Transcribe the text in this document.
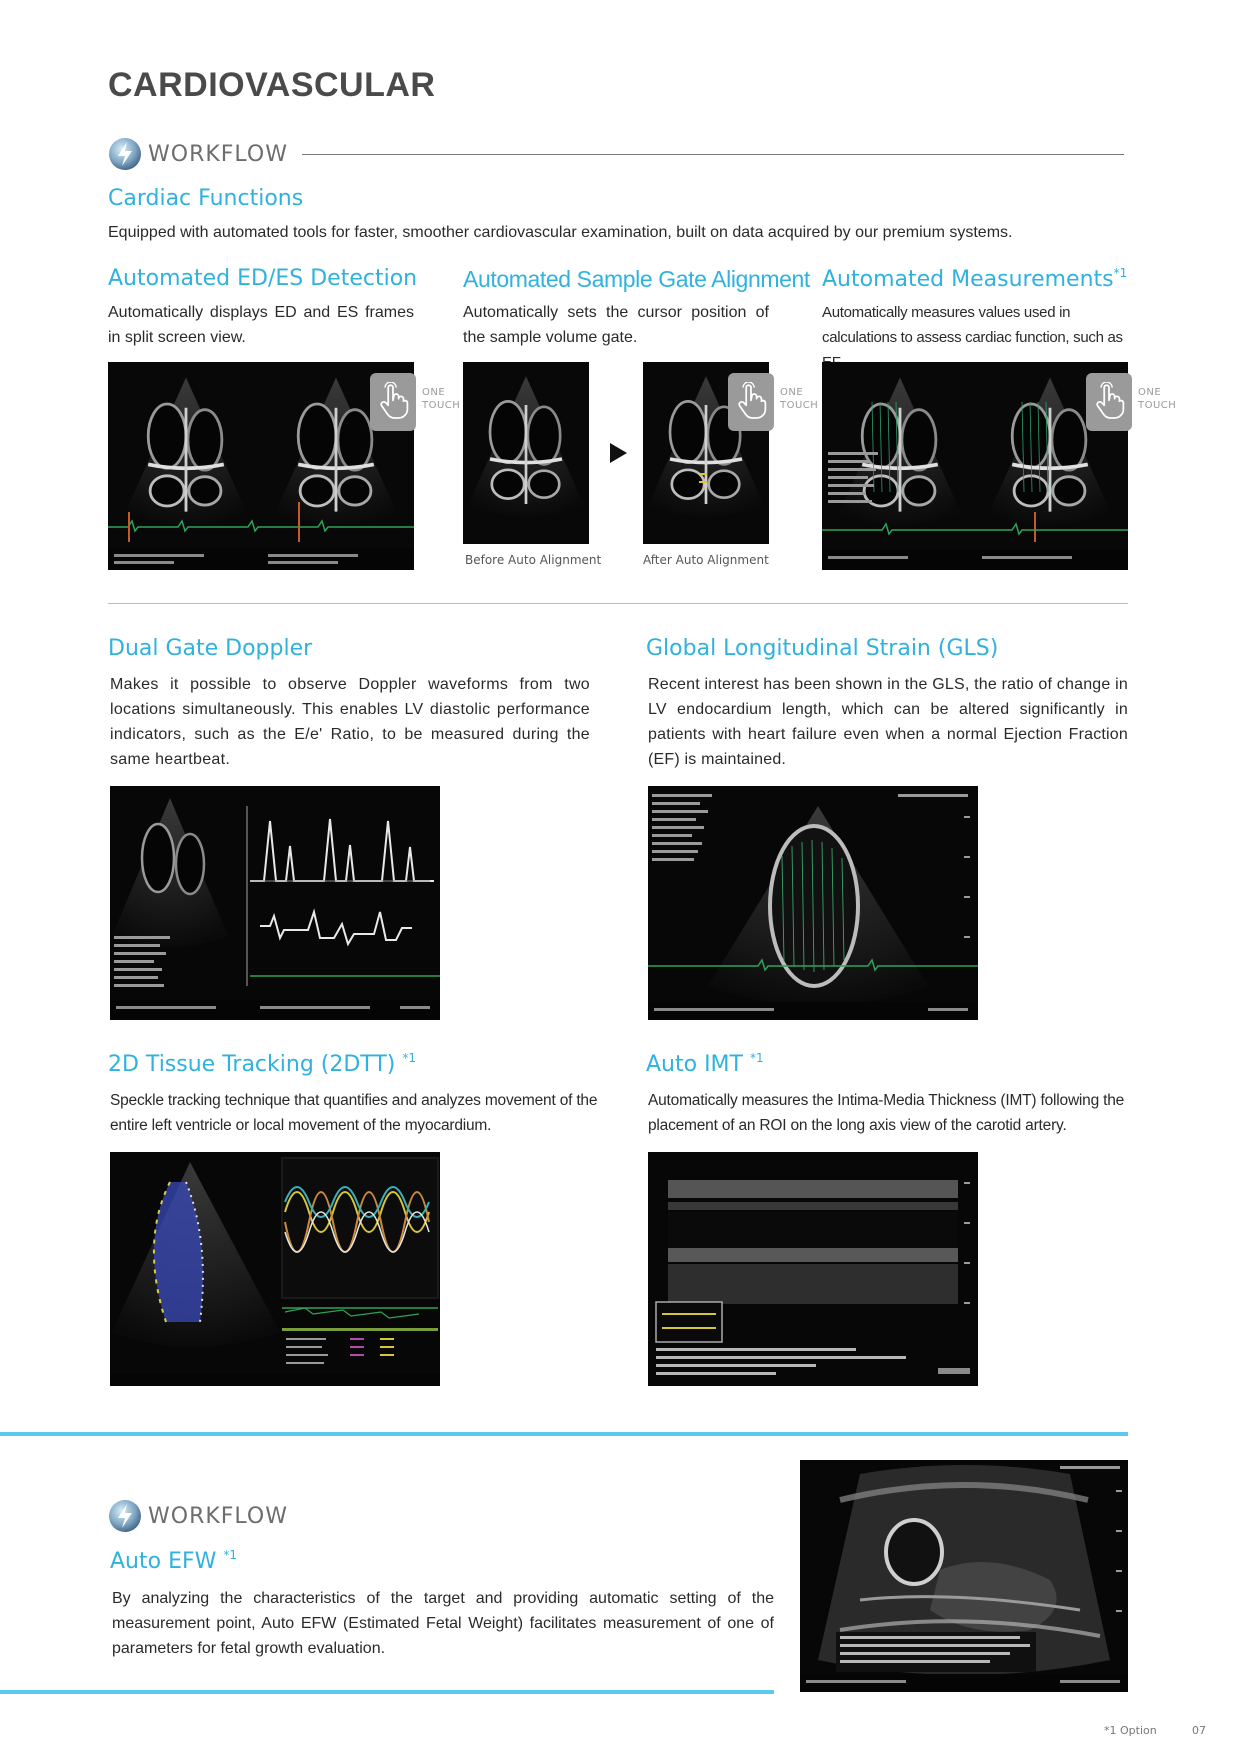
CARDIOVASCULAR
WORKFLOW
Cardiac Functions
Equipped with automated tools for faster, smoother cardiovascular examination, built on data acquired by our premium systems.
Automated ED/ES Detection
Automatically displays ED and ES frames in split screen view.
Automated Sample Gate Alignment
Automatically sets the cursor position of the sample volume gate.
Automated Measurements$^{*1}$
Automatically measures values used in calculations to assess cardiac function, such as
ONE
TOUCH
ONE
TOUCH
Before Auto Alignment	After Auto Alignment
ONE
TOUCH
Dual Gate Doppler
Makes it possible to observe Doppler waveforms from two locations simultaneously. This enables LV diastolic performance indicators, such as the E/e' Ratio, to be measured during the same heartbeat.
Global Longitudinal Strain (GLS)
Recent interest has been shown in the GLS, the ratio of change in LV endocardium length, which can be altered significantly in patients with heart failure even when a normal Ejection Fraction (EF) is maintained.
2D Tissue Tracking (2DTT) $^{*1}$
Speckle tracking technique that quantifies and analyzes movement of the entire left ventricle or local movement of the myocardium.
Auto IMT $^{*1}$
Automatically measures the Intima-Media Thickness (IMT) following the placement of an ROI on the long axis view of the carotid artery.
WORKFLOW
Auto EFW $^{*1}$
By analyzing the characteristics of the target and providing automatic setting of the measurement point, Auto EFW (Estimated Fetal Weight) facilitates measurement of one of parameters for fetal growth evaluation.
*1 Option	07
